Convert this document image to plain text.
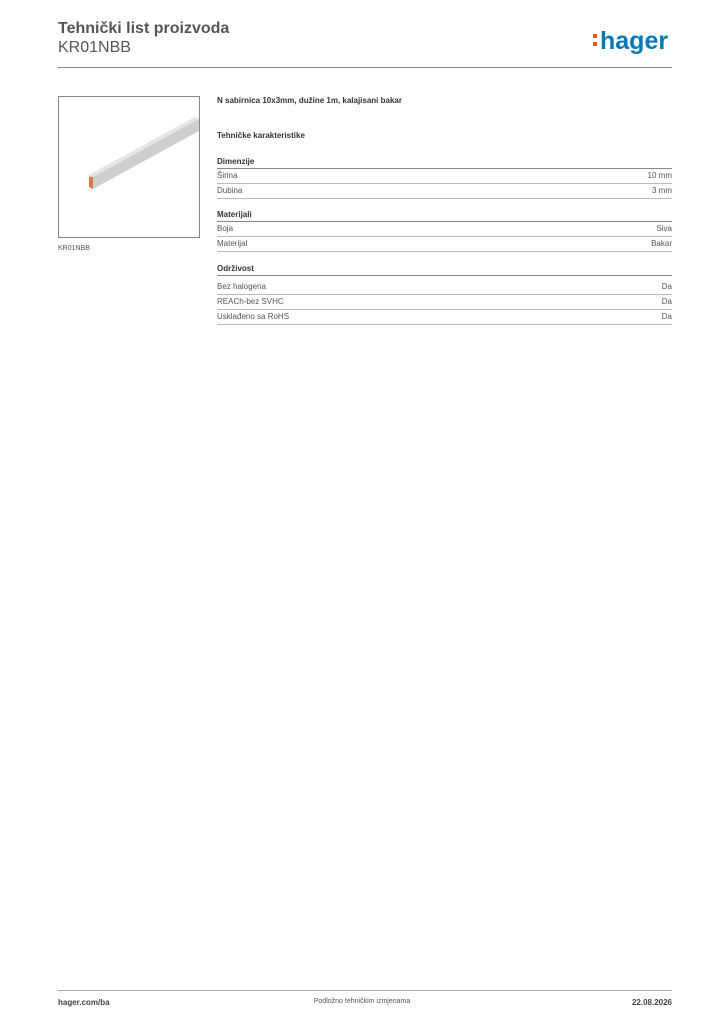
Tehnički list proizvoda
KR01NBB	hager
KR01NBB
N sabirnica 10x3mm, dužine 1m, kalajisani bakar
Tehničke karakteristike
Dimenzije
Širina	10 mm
Dubina	3 mm
Materijali
Boja	Siva
Materijal	Bakar
Održivost
Bez halogena	Da
REACh-bez SVHC	Da
Usklađeno sa RoHS	Da
hager.com/ba	Podložno tehničkim izmjenama	22.08.2026
